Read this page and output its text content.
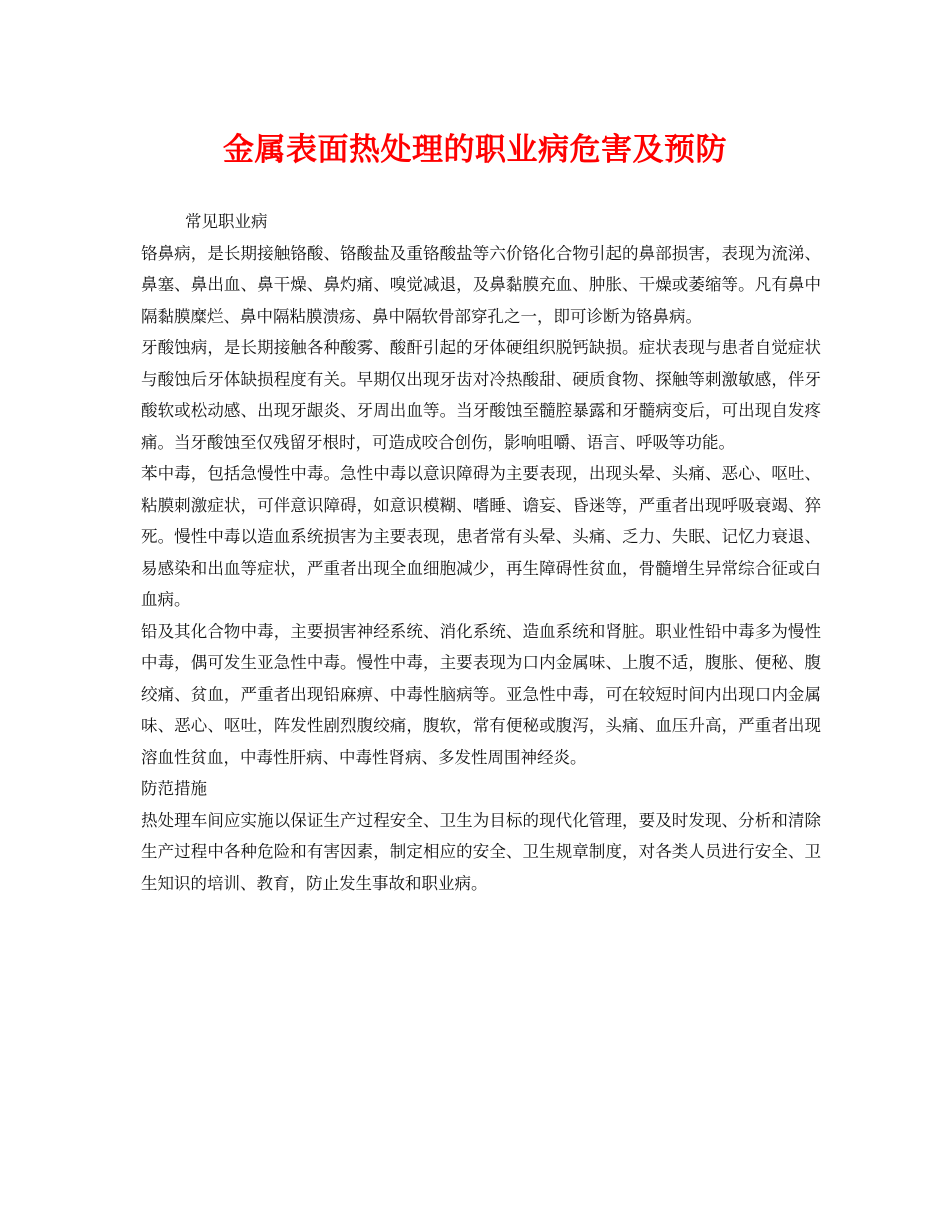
金属表面热处理的职业病危害及预防

常见职业病

铬鼻病，是长期接触铬酸、铬酸盐及重铬酸盐等六价铬化合物引起的鼻部损害，表现为流涕、鼻塞、鼻出血、鼻干燥、鼻灼痛、嗅觉减退，及鼻黏膜充血、肿胀、干燥或萎缩等。凡有鼻中隔黏膜糜烂、鼻中隔粘膜溃疡、鼻中隔软骨部穿孔之一，即可诊断为铬鼻病。

牙酸蚀病，是长期接触各种酸雾、酸酐引起的牙体硬组织脱钙缺损。症状表现与患者自觉症状与酸蚀后牙体缺损程度有关。早期仅出现牙齿对冷热酸甜、硬质食物、探触等刺激敏感，伴牙酸软或松动感、出现牙龈炎、牙周出血等。当牙酸蚀至髓腔暴露和牙髓病变后，可出现自发疼痛。当牙酸蚀至仅残留牙根时，可造成咬合创伤，影响咀嚼、语言、呼吸等功能。

苯中毒，包括急慢性中毒。急性中毒以意识障碍为主要表现，出现头晕、头痛、恶心、呕吐、粘膜刺激症状，可伴意识障碍，如意识模糊、嗜睡、谵妄、昏迷等，严重者出现呼吸衰竭、猝死。慢性中毒以造血系统损害为主要表现，患者常有头晕、头痛、乏力、失眠、记忆力衰退、易感染和出血等症状，严重者出现全血细胞减少，再生障碍性贫血，骨髓增生异常综合征或白血病。

铅及其化合物中毒，主要损害神经系统、消化系统、造血系统和肾脏。职业性铅中毒多为慢性中毒，偶可发生亚急性中毒。慢性中毒，主要表现为口内金属味、上腹不适，腹胀、便秘、腹绞痛、贫血，严重者出现铅麻痹、中毒性脑病等。亚急性中毒，可在较短时间内出现口内金属味、恶心、呕吐，阵发性剧烈腹绞痛，腹软，常有便秘或腹泻，头痛、血压升高，严重者出现溶血性贫血，中毒性肝病、中毒性肾病、多发性周围神经炎。

防范措施

热处理车间应实施以保证生产过程安全、卫生为目标的现代化管理，要及时发现、分析和清除生产过程中各种危险和有害因素，制定相应的安全、卫生规章制度，对各类人员进行安全、卫生知识的培训、教育，防止发生事故和职业病。
